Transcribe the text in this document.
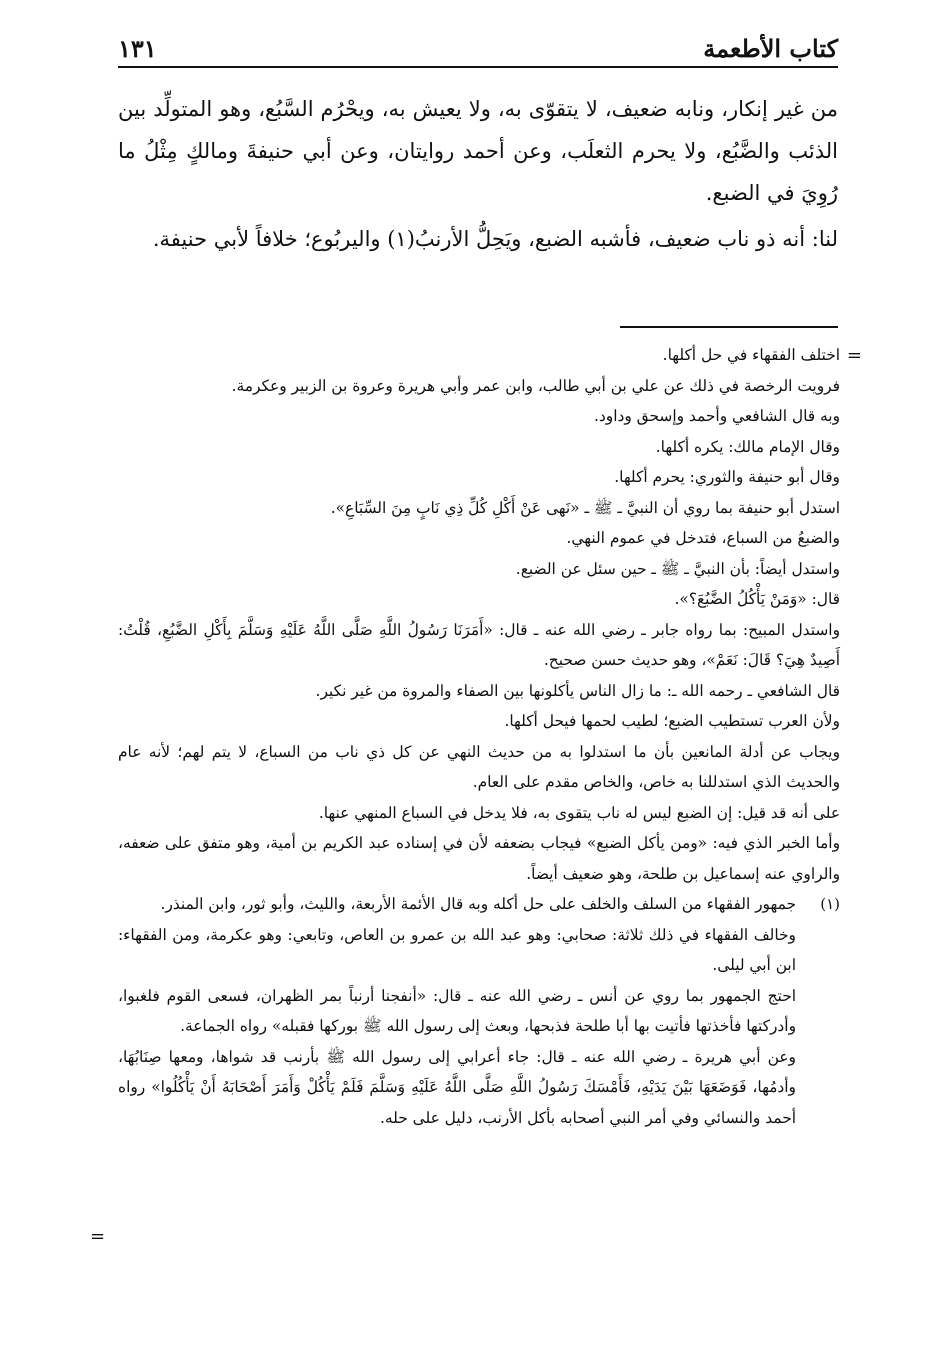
كتاب الأطعمة
١٣١

من غير إنكار، ونابه ضعيف، لا يتقوّى به، ولا يعيش به، ويحْرُم السَّبُع، وهو المتولِّد بين الذئب والضَّبُع، ولا يحرم الثعلَب، وعن أحمد روايتان، وعن أبي حنيفةَ ومالكٍ مِثْلُ ما رُوِيَ في الضبع.

لنا: أنه ذو ناب ضعيف، فأشبه الضبع، ويَحِلُّ الأرنبُ(١) واليربُوع؛ خلافاً لأبي حنيفة.

=

اختلف الفقهاء في حل أكلها.

فرويت الرخصة في ذلك عن علي بن أبي طالب، وابن عمر وأبي هريرة وعروة بن الزبير وعكرمة.

وبه قال الشافعي وأحمد وإسحق وداود.

وقال الإمام مالك: يكره أكلها.

وقال أبو حنيفة والثوري: يحرم أكلها.

استدل أبو حنيفة بما روي أن النبيَّ ـ ﷺ ـ «نَهى عَنْ أَكْلِ كُلِّ ذِي نَابٍ مِنَ السِّبَاعِ».

والضبعُ من السباع، فتدخل في عموم النهي.

واستدل أيضاً: بأن النبيَّ ـ ﷺ ـ حين سئل عن الضبع.

قال: «وَمَنْ يَأْكُلُ الضَّبُعَ؟».

واستدل المبيح: بما رواه جابر ـ رضي الله عنه ـ قال: «أَمَرَنَا رَسُولُ اللَّهِ صَلَّى اللَّهُ عَلَيْهِ وَسَلَّمَ بِأَكْلِ الضَّبُعِ، قُلْتُ: أَصِيدٌ هِيَ؟ قَالَ: نَعَمْ»، وهو حديث حسن صحيح.

قال الشافعي ـ رحمه الله ـ: ما زال الناس يأكلونها بين الصفاء والمروة من غير نكير.

ولأن العرب تستطيب الضبع؛ لطيب لحمها فيحل أكلها.

ويجاب عن أدلة المانعين بأن ما استدلوا به من حديث النهي عن كل ذي ناب من السباع، لا يتم لهم؛ لأنه عام والحديث الذي استدللنا به خاص، والخاص مقدم على العام.

على أنه قد قيل: إن الضبع ليس له ناب يتقوى به، فلا يدخل في السباع المنهي عنها.

وأما الخبر الذي فيه: «ومن يأكل الضبع» فيجاب بضعفه لأن في إسناده عبد الكريم بن أمية، وهو متفق على ضعفه، والراوي عنه إسماعيل بن طلحة، وهو ضعيف أيضاً.

(١)

جمهور الفقهاء من السلف والخلف على حل أكله وبه قال الأئمة الأربعة، والليث، وأبو ثور، وابن المنذر.

وخالف الفقهاء في ذلك ثلاثة: صحابي: وهو عبد الله بن عمرو بن العاص، وتابعي: وهو عكرمة، ومن الفقهاء: ابن أبي ليلى.

احتج الجمهور بما روي عن أنس ـ رضي الله عنه ـ قال: «أنفجنا أرنباً بمر الظهران، فسعى القوم فلغبوا، وأدركتها فأخذتها فأتيت بها أبا طلحة فذبحها، وبعث إلى رسول الله ﷺ بوركها فقبله» رواه الجماعة.

وعن أبي هريرة ـ رضي الله عنه ـ قال: جاء أعرابي إلى رسول الله ﷺ بأرنب قد شواها، ومعها صِنَابُهَا، وأدمُها، فَوَضَعَهَا بَيْنَ يَدَيْهِ، فَأَمْسَكَ رَسُولُ اللَّهِ صَلَّى اللَّهُ عَلَيْهِ وَسَلَّمَ فَلَمْ يَأْكُلْ وَأَمَرَ أَصْحَابَهُ أَنْ يَأْكُلُوا» رواه أحمد والنسائي وفي أمر النبي أصحابه بأكل الأرنب، دليل على حله.

=
